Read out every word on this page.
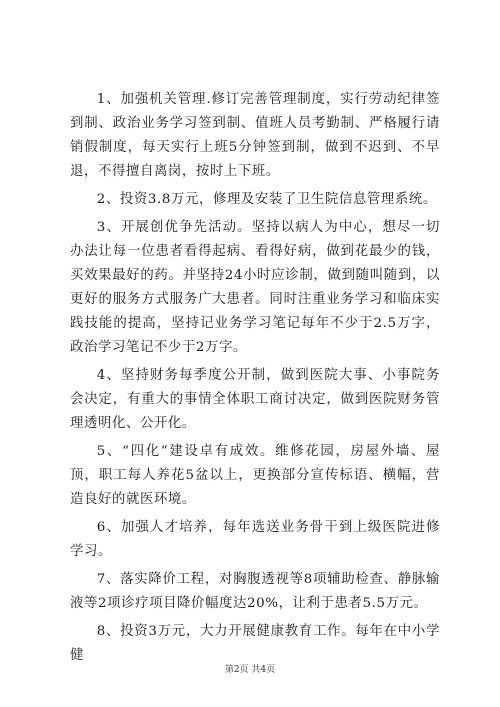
1、加强机关管理.修订完善管理制度，实行劳动纪律签到制、政治业务学习签到制、值班人员考勤制、严格履行请销假制度，每天实行上班5分钟签到制，做到不迟到、不早退，不得擅自离岗，按时上下班。

2、投资3.8万元，修理及安装了卫生院信息管理系统。

3、开展创优争先活动。坚持以病人为中心，想尽一切办法让每一位患者看得起病、看得好病，做到花最少的钱，买效果最好的药。并坚持24小时应诊制，做到随叫随到，以更好的服务方式服务广大患者。同时注重业务学习和临床实践技能的提高，坚持记业务学习笔记每年不少于2.5万字，政治学习笔记不少于2万字。

4、坚持财务每季度公开制，做到医院大事、小事院务会决定，有重大的事情全体职工商讨决定，做到医院财务管理透明化、公开化。

5、“四化”建设卓有成效。维修花园，房屋外墙、屋顶，职工每人养花5盆以上，更换部分宣传标语、横幅，营造良好的就医环境。

6、加强人才培养，每年选送业务骨干到上级医院进修学习。

7、落实降价工程，对胸腹透视等8项辅助检查、静脉输液等2项诊疗项目降价幅度达20%，让利于患者5.5万元。

8、投资3万元，大力开展健康教育工作。每年在中小学健

第2页 共4页
